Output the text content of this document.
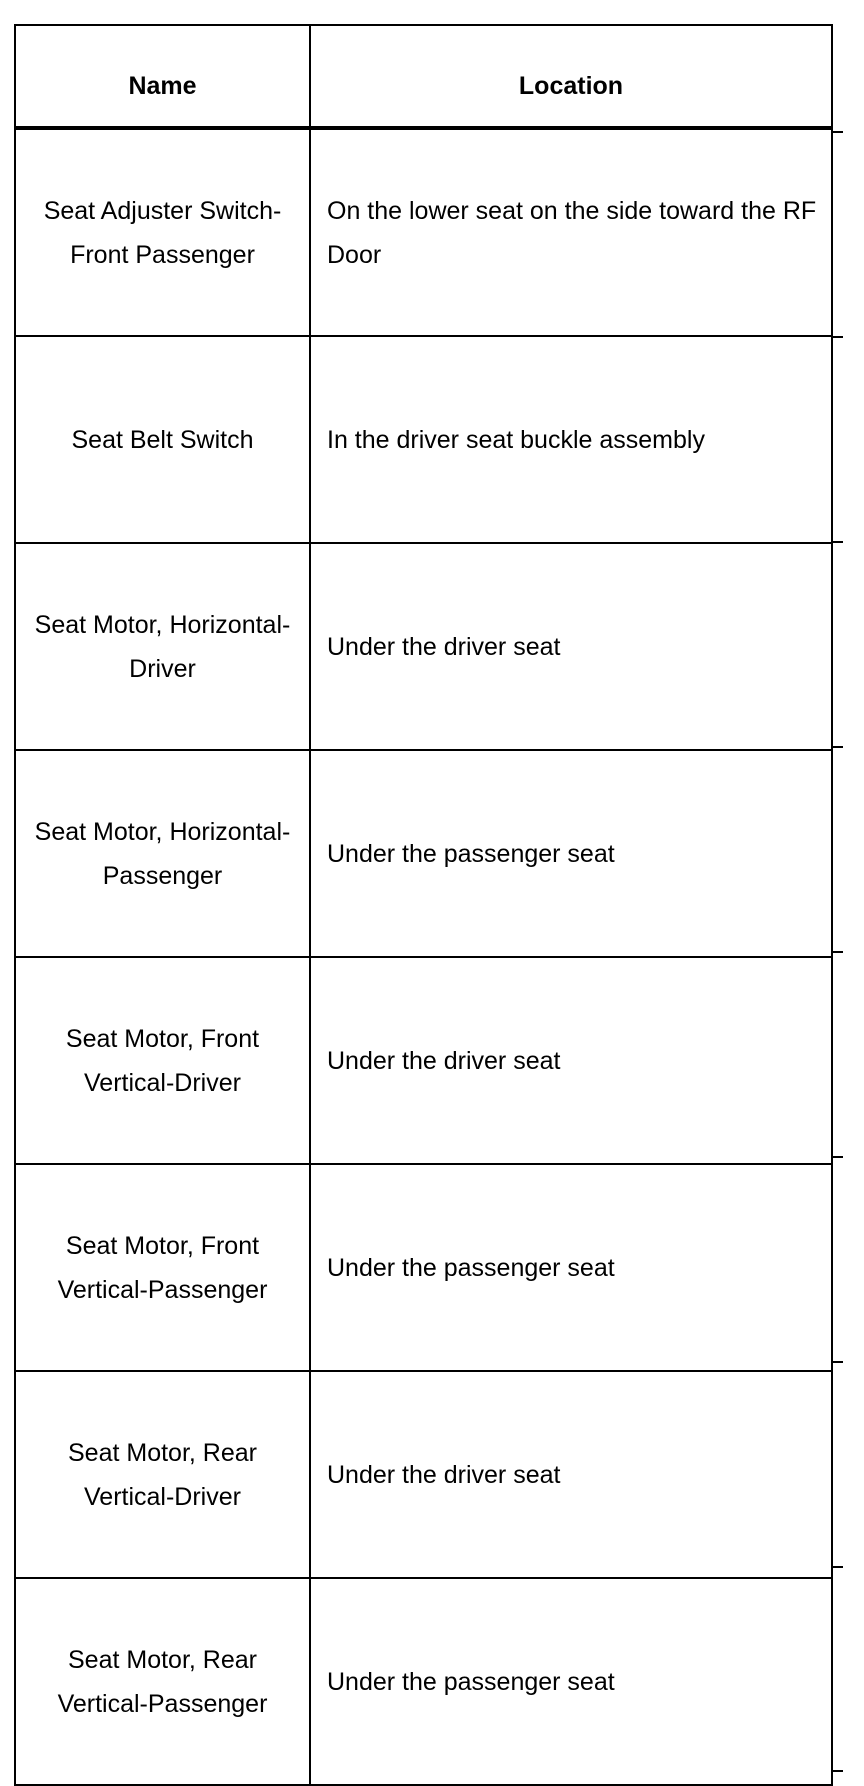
Name	Location
Seat Adjuster Switch-Front Passenger	On the lower seat on the side toward the RF Door
Seat Belt Switch	In the driver seat buckle assembly
Seat Motor, Horizontal-Driver	Under the driver seat
Seat Motor, Horizontal-Passenger	Under the passenger seat
Seat Motor, Front Vertical-Driver	Under the driver seat
Seat Motor, Front Vertical-Passenger	Under the passenger seat
Seat Motor, Rear Vertical-Driver	Under the driver seat
Seat Motor, Rear Vertical-Passenger	Under the passenger seat
